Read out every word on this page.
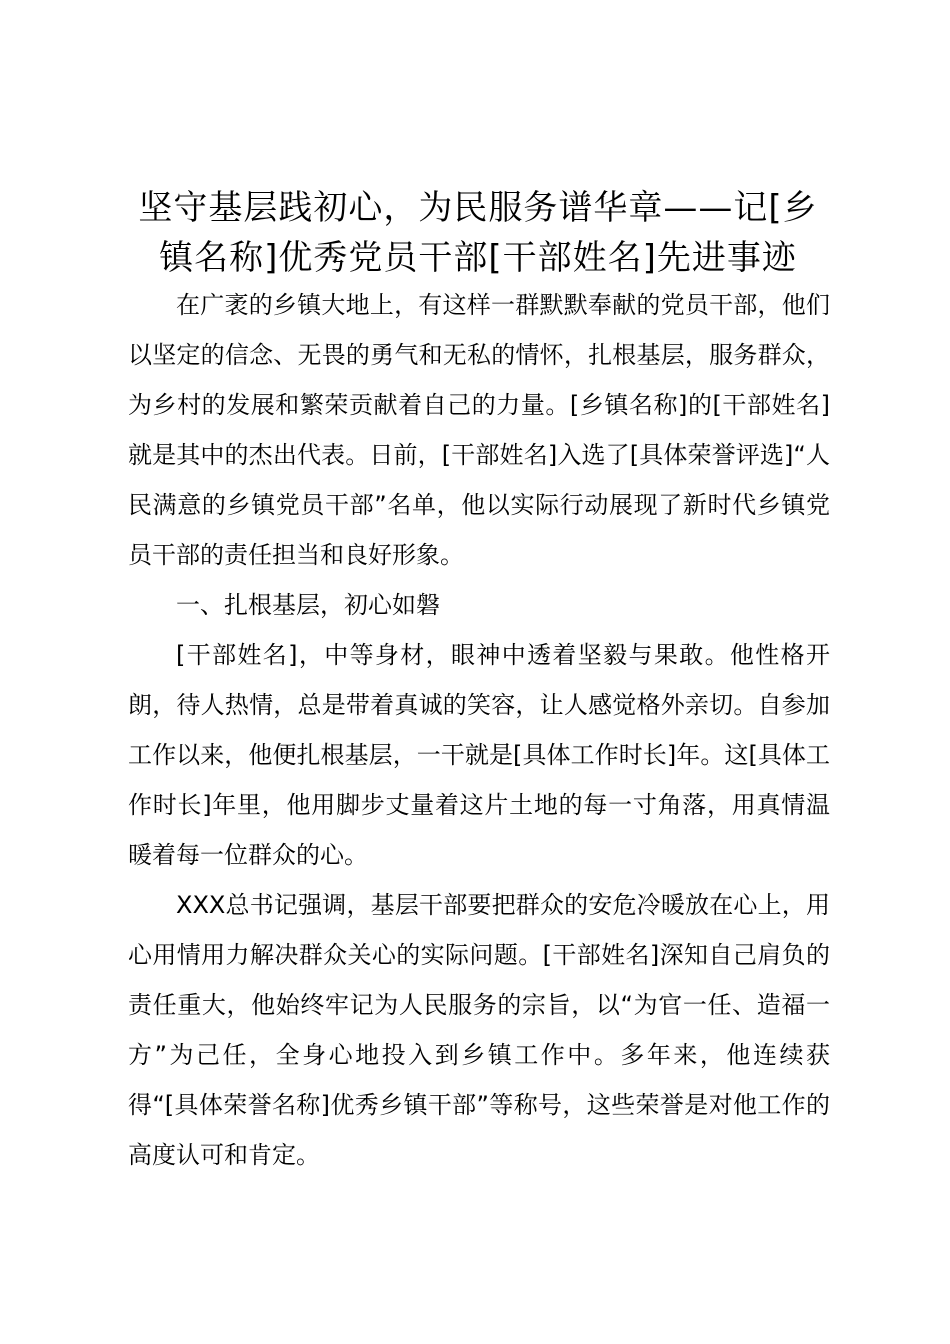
坚守基层践初心，为民服务谱华章——记[乡镇名称]优秀党员干部[干部姓名]先进事迹

在广袤的乡镇大地上，有这样一群默默奉献的党员干部，他们以坚定的信念、无畏的勇气和无私的情怀，扎根基层，服务群众，为乡村的发展和繁荣贡献着自己的力量。[乡镇名称]的[干部姓名]就是其中的杰出代表。日前，[干部姓名]入选了[具体荣誉评选]“人民满意的乡镇党员干部”名单，他以实际行动展现了新时代乡镇党员干部的责任担当和良好形象。

一、扎根基层，初心如磐

[干部姓名]，中等身材，眼神中透着坚毅与果敢。他性格开朗，待人热情，总是带着真诚的笑容，让人感觉格外亲切。自参加工作以来，他便扎根基层，一干就是[具体工作时长]年。这[具体工作时长]年里，他用脚步丈量着这片土地的每一寸角落，用真情温暖着每一位群众的心。

XXX总书记强调，基层干部要把群众的安危冷暖放在心上，用心用情用力解决群众关心的实际问题。[干部姓名]深知自己肩负的责任重大，他始终牢记为人民服务的宗旨，以“为官一任、造福一方”为己任，全身心地投入到乡镇工作中。多年来，他连续获得“[具体荣誉名称]优秀乡镇干部”等称号，这些荣誉是对他工作的高度认可和肯定。
